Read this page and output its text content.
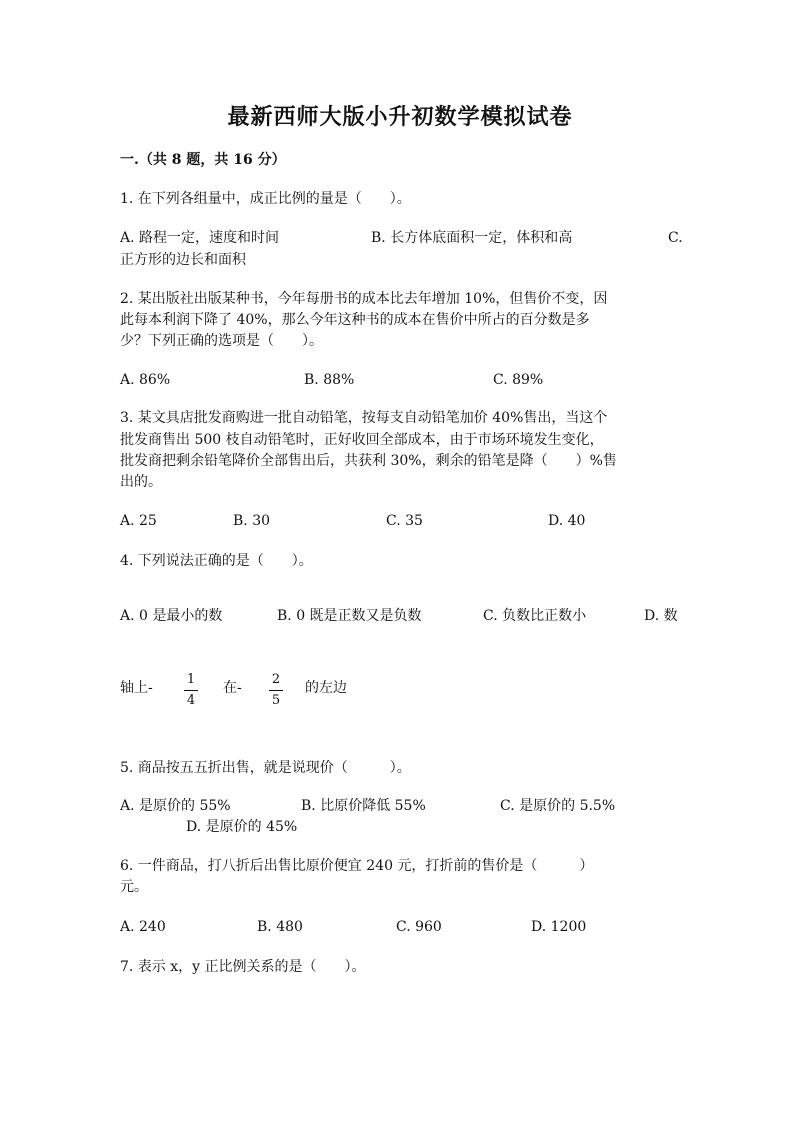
最新西师大版小升初数学模拟试卷
一.（共 8 题，共 16 分）
1. 在下列各组量中，成正比例的量是（　　）。
A. 路程一定，速度和时间	B. 长方体底面积一定，体积和高	C.
正方形的边长和面积
2. 某出版社出版某种书，今年每册书的成本比去年增加 10%，但售价不变，因
此每本利润下降了 40%，那么今年这种书的成本在售价中所占的百分数是多
少？下列正确的选项是（　　）。
A. 86%	B. 88%	C. 89%
3. 某文具店批发商购进一批自动铅笔，按每支自动铅笔加价 40%售出，当这个
批发商售出 500 枝自动铅笔时，正好收回全部成本，由于市场环境发生变化，
批发商把剩余铅笔降价全部售出后，共获利 30%，剩余的铅笔是降（　　）%售
出的。
A. 25	B. 30	C. 35	D. 40
4. 下列说法正确的是（　　）。
A. 0 是最小的数	B. 0 既是正数又是负数	C. 负数比正数小	D. 数
轴上-
1
4
在-
2
5
的左边
5. 商品按五五折出售，就是说现价（　　　）。
A. 是原价的 55%	B. 比原价降低 55%	C. 是原价的 5.5%
D. 是原价的 45%
6. 一件商品，打八折后出售比原价便宜 240 元，打折前的售价是（　　　）
元。
A. 240	B. 480	C. 960	D. 1200
7. 表示 x，y 正比例关系的是（　　）。
